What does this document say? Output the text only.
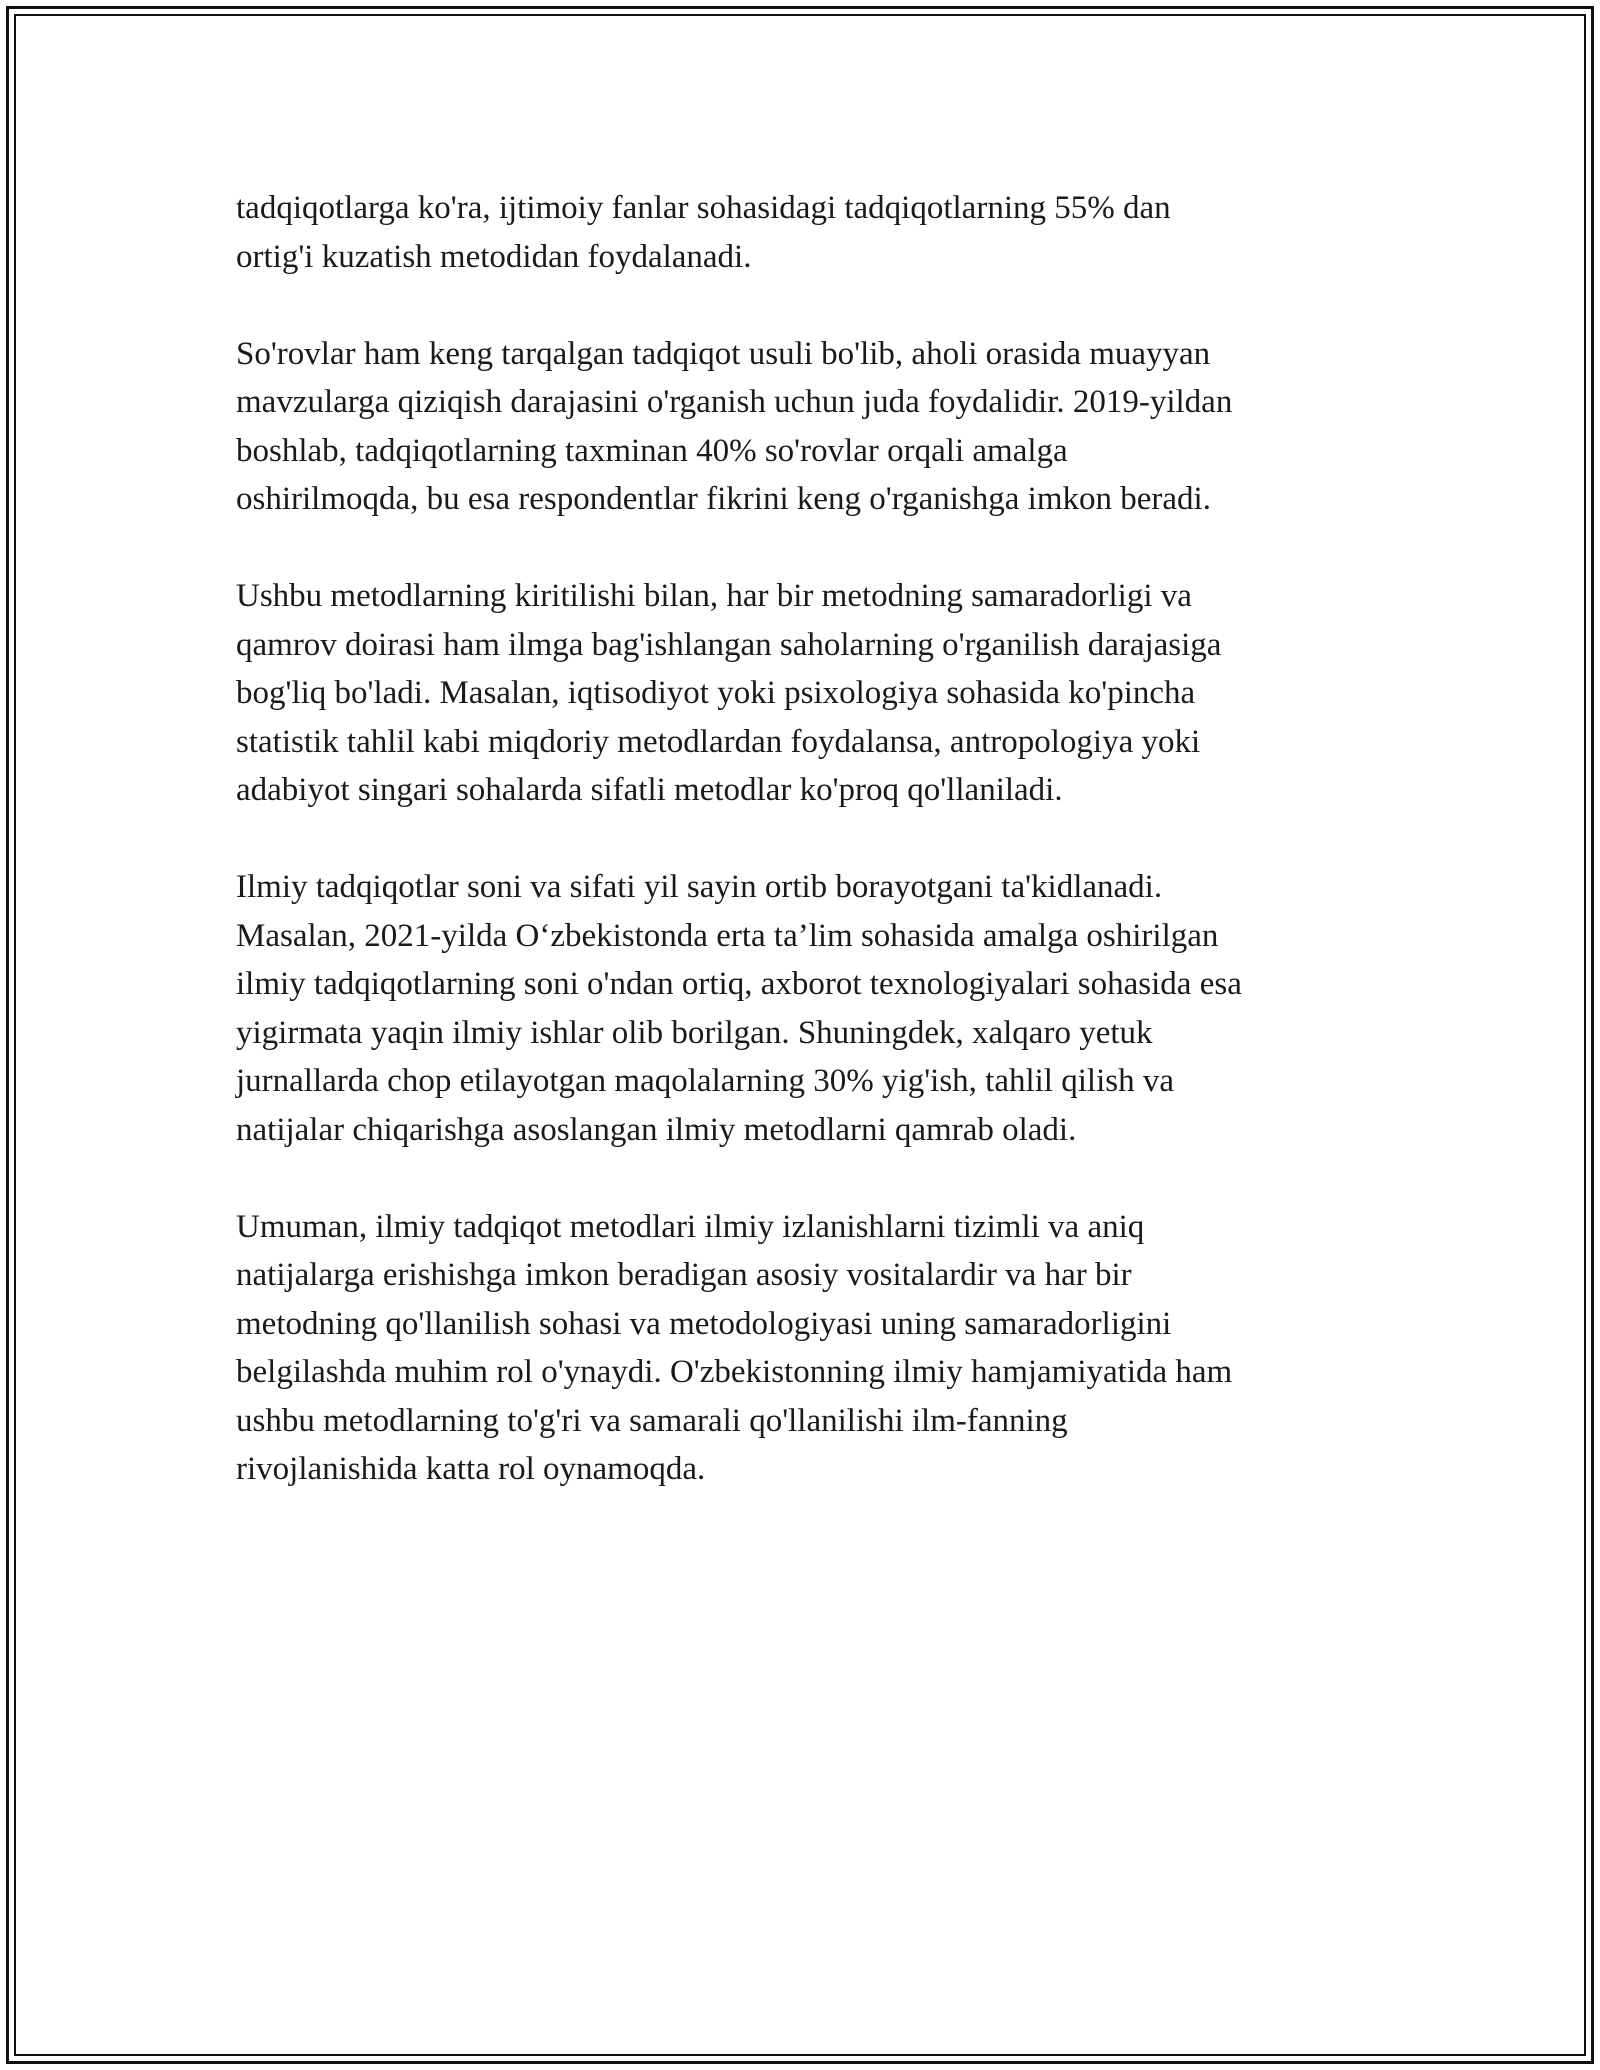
tadqiqotlarga ko'ra, ijtimoiy fanlar sohasidagi tadqiqotlarning 55% dan
ortig'i kuzatish metodidan foydalanadi.

So'rovlar ham keng tarqalgan tadqiqot usuli bo'lib, aholi orasida muayyan
mavzularga qiziqish darajasini o'rganish uchun juda foydalidir. 2019-yildan
boshlab, tadqiqotlarning taxminan 40% so'rovlar orqali amalga
oshirilmoqda, bu esa respondentlar fikrini keng o'rganishga imkon beradi.

Ushbu metodlarning kiritilishi bilan, har bir metodning samaradorligi va
qamrov doirasi ham ilmga bag'ishlangan saholarning o'rganilish darajasiga
bog'liq bo'ladi. Masalan, iqtisodiyot yoki psixologiya sohasida ko'pincha
statistik tahlil kabi miqdoriy metodlardan foydalansa, antropologiya yoki
adabiyot singari sohalarda sifatli metodlar ko'proq qo'llaniladi.

Ilmiy tadqiqotlar soni va sifati yil sayin ortib borayotgani ta'kidlanadi.
Masalan, 2021-yilda O‘zbekistonda erta ta’lim sohasida amalga oshirilgan
ilmiy tadqiqotlarning soni o'ndan ortiq, axborot texnologiyalari sohasida esa
yigirmata yaqin ilmiy ishlar olib borilgan. Shuningdek, xalqaro yetuk
jurnallarda chop etilayotgan maqolalarning 30% yig'ish, tahlil qilish va
natijalar chiqarishga asoslangan ilmiy metodlarni qamrab oladi.

Umuman, ilmiy tadqiqot metodlari ilmiy izlanishlarni tizimli va aniq
natijalarga erishishga imkon beradigan asosiy vositalardir va har bir
metodning qo'llanilish sohasi va metodologiyasi uning samaradorligini
belgilashda muhim rol o'ynaydi. O'zbekistonning ilmiy hamjamiyatida ham
ushbu metodlarning to'g'ri va samarali qo'llanilishi ilm-fanning
rivojlanishida katta rol oynamoqda.
